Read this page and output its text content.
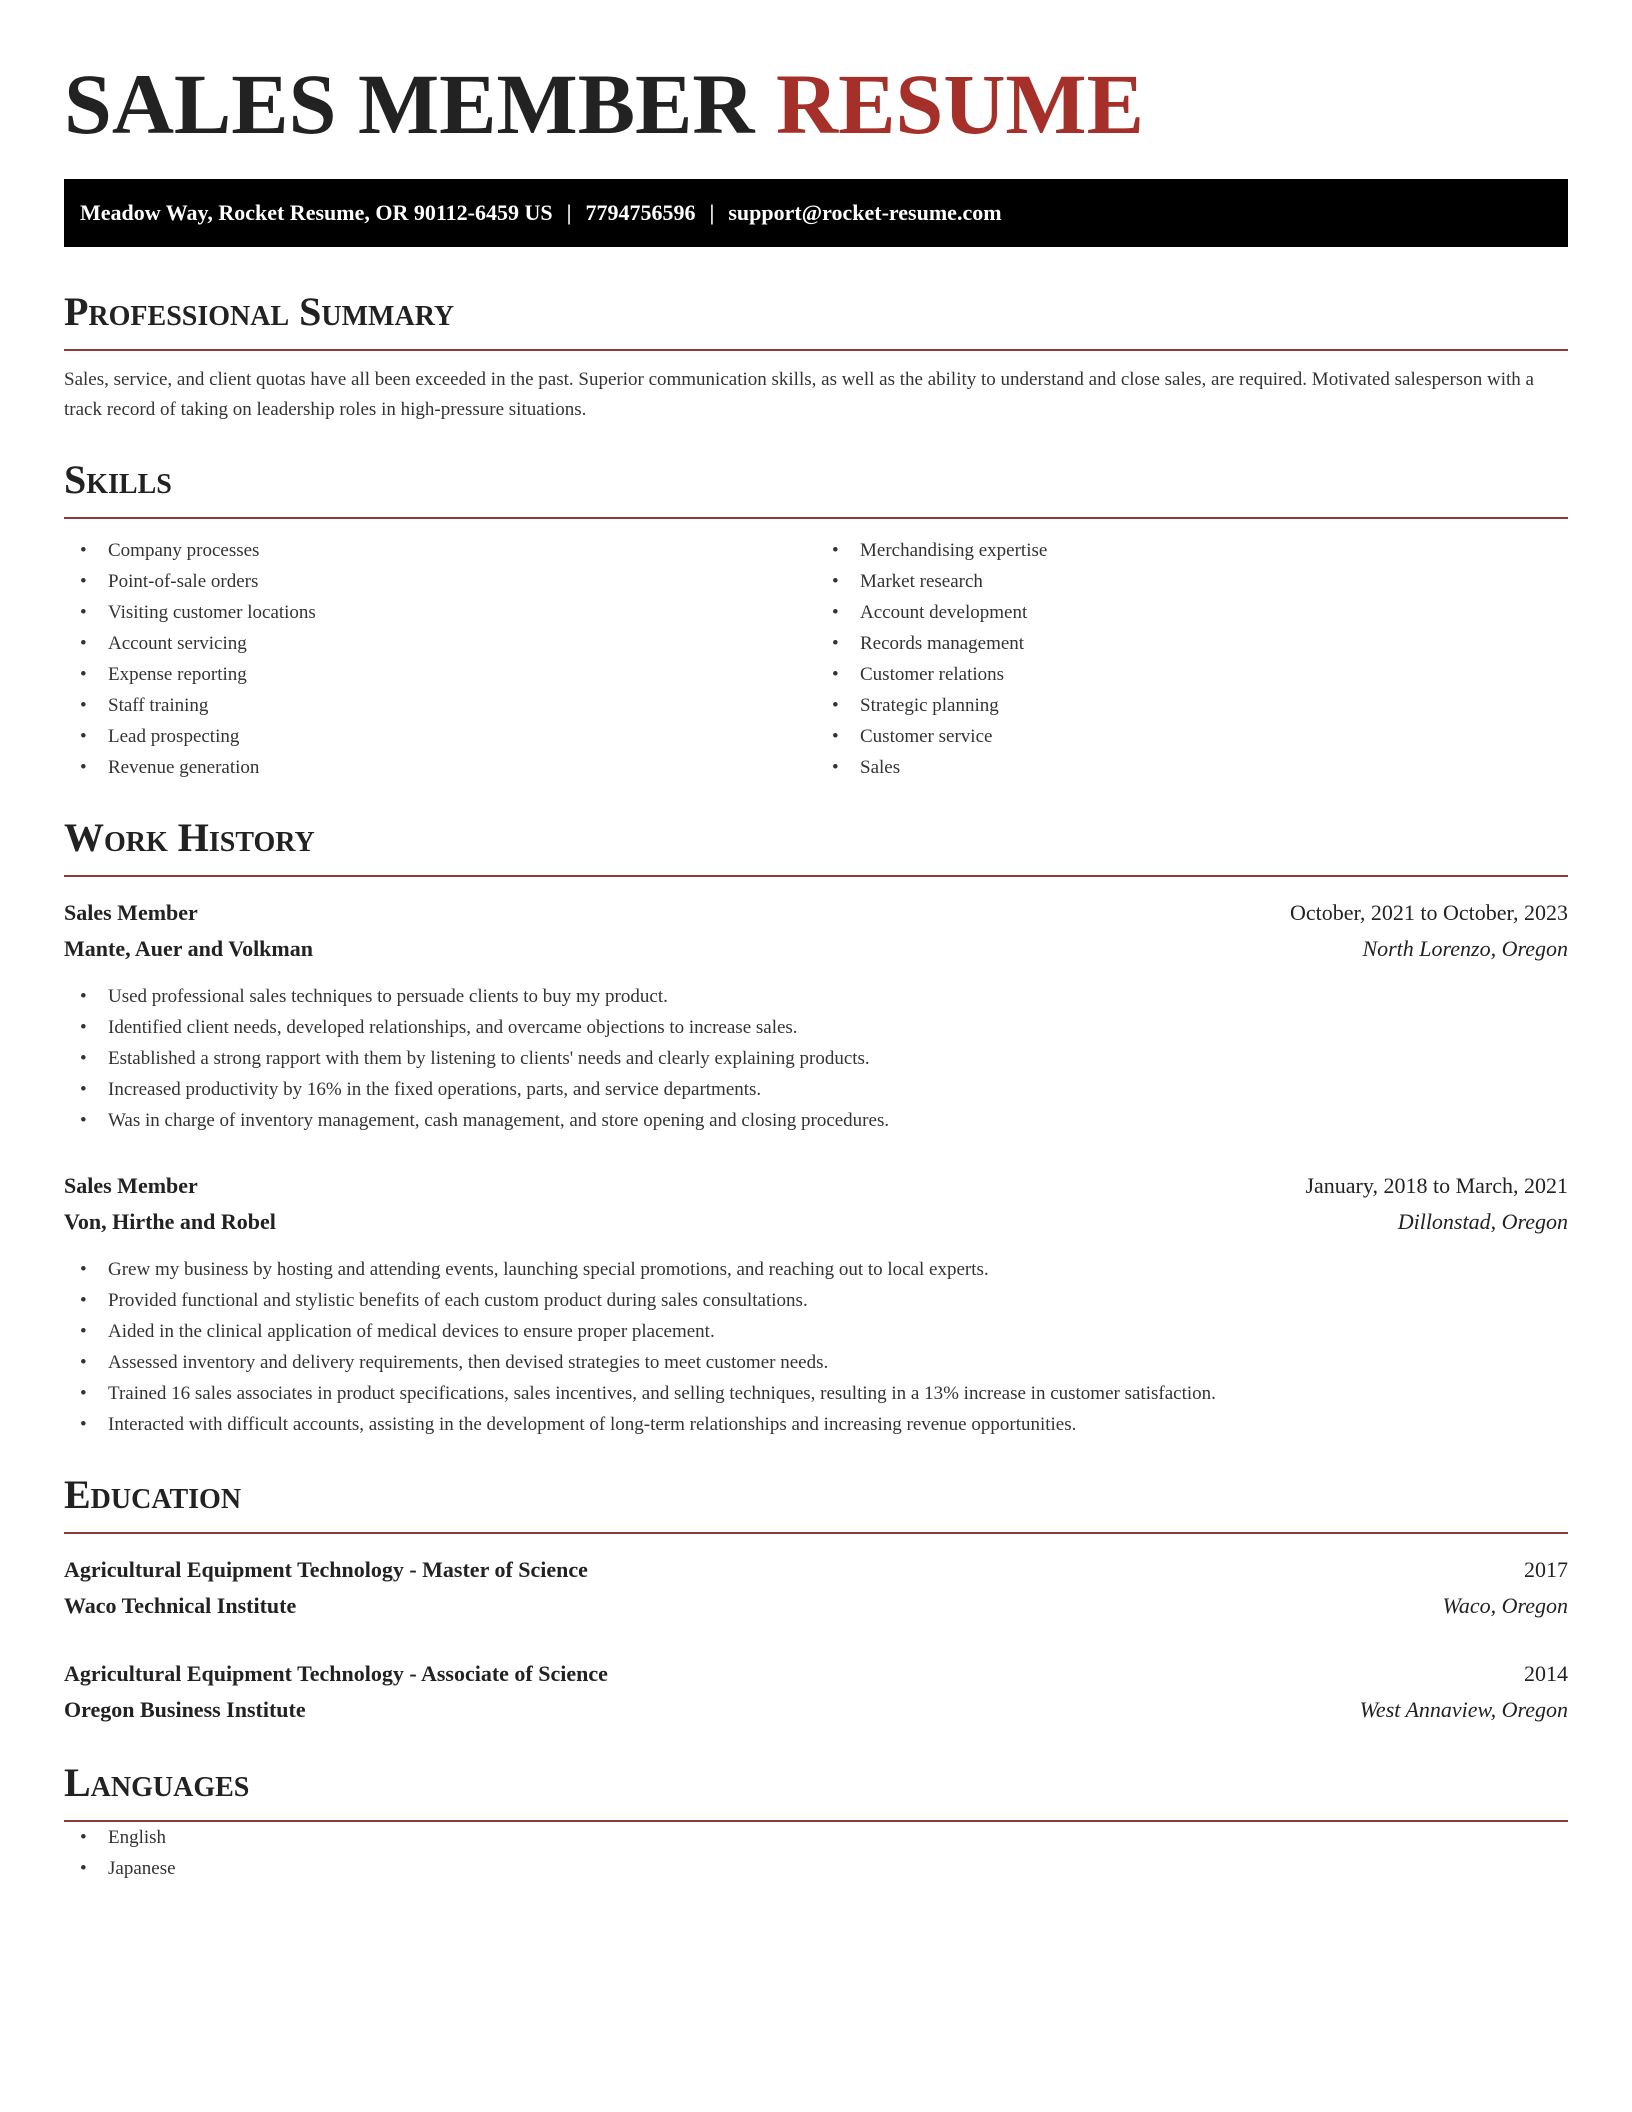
SALES MEMBER RESUME
Meadow Way, Rocket Resume, OR 90112-6459 US | 7794756596 | support@rocket-resume.com
Professional Summary

Sales, service, and client quotas have all been exceeded in the past. Superior communication skills, as well as the ability to understand and close sales, are required. Motivated salesperson with a track record of taking on leadership roles in high-pressure situations.

Skills
• Company processes
• Point-of-sale orders
• Visiting customer locations
• Account servicing
• Expense reporting
• Staff training
• Lead prospecting
• Revenue generation
• Merchandising expertise
• Market research
• Account development
• Records management
• Customer relations
• Strategic planning
• Customer service
• Sales
Work History
Sales Member	October, 2021 to October, 2023
Mante, Auer and Volkman	North Lorenzo, Oregon
• Used professional sales techniques to persuade clients to buy my product.
• Identified client needs, developed relationships, and overcame objections to increase sales.
• Established a strong rapport with them by listening to clients' needs and clearly explaining products.
• Increased productivity by 16% in the fixed operations, parts, and service departments.
• Was in charge of inventory management, cash management, and store opening and closing procedures.
Sales Member	January, 2018 to March, 2021
Von, Hirthe and Robel	Dillonstad, Oregon
• Grew my business by hosting and attending events, launching special promotions, and reaching out to local experts.
• Provided functional and stylistic benefits of each custom product during sales consultations.
• Aided in the clinical application of medical devices to ensure proper placement.
• Assessed inventory and delivery requirements, then devised strategies to meet customer needs.
• Trained 16 sales associates in product specifications, sales incentives, and selling techniques, resulting in a 13% increase in customer satisfaction.
• Interacted with difficult accounts, assisting in the development of long-term relationships and increasing revenue opportunities.
Education
Agricultural Equipment Technology - Master of Science	2017
Waco Technical Institute	Waco, Oregon
Agricultural Equipment Technology - Associate of Science	2014
Oregon Business Institute	West Annaview, Oregon
Languages
• English
• Japanese
